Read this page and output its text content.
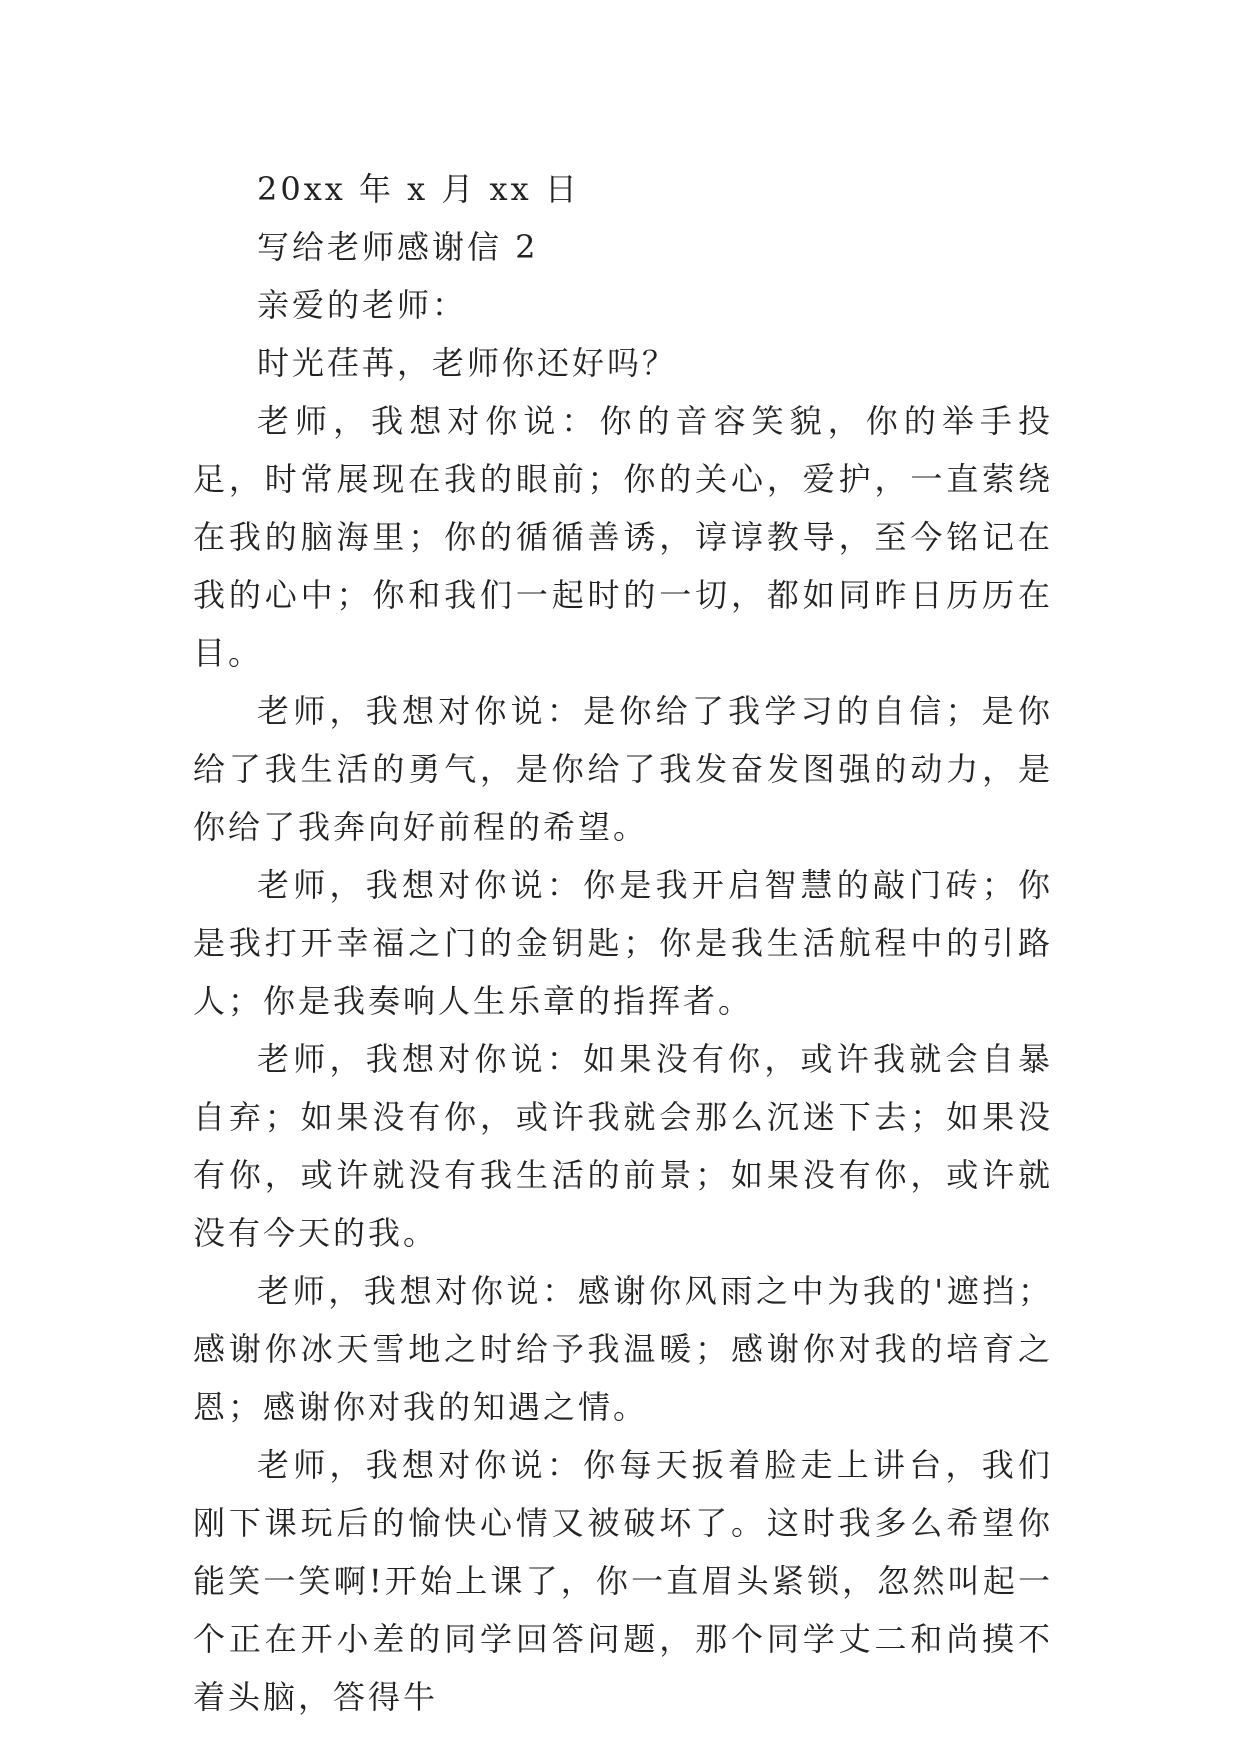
20xx 年 x 月 xx 日

写给老师感谢信 2

亲爱的老师：

时光荏苒，老师你还好吗？

老师，我想对你说：你的音容笑貌，你的举手投足，时常展现在我的眼前；你的关心，爱护，一直萦绕在我的脑海里；你的循循善诱，谆谆教导，至今铭记在我的心中；你和我们一起时的一切，都如同昨日历历在目。

老师，我想对你说：是你给了我学习的自信；是你给了我生活的勇气，是你给了我发奋发图强的动力，是你给了我奔向好前程的希望。

老师，我想对你说：你是我开启智慧的敲门砖；你是我打开幸福之门的金钥匙；你是我生活航程中的引路人；你是我奏响人生乐章的指挥者。

老师，我想对你说：如果没有你，或许我就会自暴自弃；如果没有你，或许我就会那么沉迷下去；如果没有你，或许就没有我生活的前景；如果没有你，或许就没有今天的我。

老师，我想对你说：感谢你风雨之中为我的'遮挡；感谢你冰天雪地之时给予我温暖；感谢你对我的培育之恩；感谢你对我的知遇之情。

老师，我想对你说：你每天扳着脸走上讲台，我们刚下课玩后的愉快心情又被破坏了。这时我多么希望你能笑一笑啊!开始上课了，你一直眉头紧锁，忽然叫起一个正在开小差的同学回答问题，那个同学丈二和尚摸不着头脑，答得牛
